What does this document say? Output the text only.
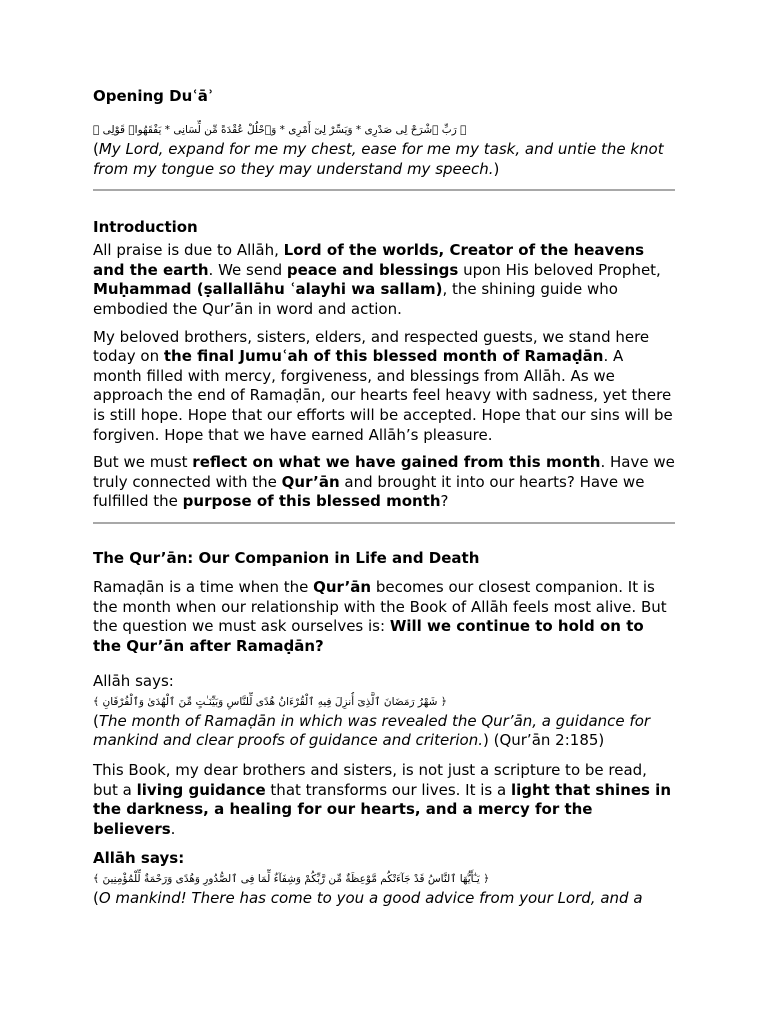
Opening Duʿāʾ
﴿ رَبِّ ٱشْرَحْ لِى صَدْرِى * وَيَسِّرْ لِىٓ أَمْرِى * وَٱحْلُلْ عُقْدَةً مِّن لِّسَانِى * يَفْقَهُوا۟ قَوْلِى ﴾

(My Lord, expand for me my chest, ease for me my task, and untie the knot from my tongue so they may understand my speech.)

Introduction

All praise is due to Allāh, Lord of the worlds, Creator of the heavens and the earth. We send peace and blessings upon His beloved Prophet, Muḥammad (ṣallallāhu ʿalayhi wa sallam), the shining guide who embodied the Qur’ān in word and action.

My beloved brothers, sisters, elders, and respected guests, we stand here today on the final Jumuʿah of this blessed month of Ramaḍān. A month filled with mercy, forgiveness, and blessings from Allāh. As we approach the end of Ramaḍān, our hearts feel heavy with sadness, yet there is still hope. Hope that our efforts will be accepted. Hope that our sins will be forgiven. Hope that we have earned Allāh’s pleasure.

But we must reflect on what we have gained from this month. Have we truly connected with the Qur’ān and brought it into our hearts? Have we fulfilled the purpose of this blessed month?

The Qur’ān: Our Companion in Life and Death

Ramaḍān is a time when the Qur’ān becomes our closest companion. It is the month when our relationship with the Book of Allāh feels most alive. But the question we must ask ourselves is: Will we continue to hold on to the Qur’ān after Ramaḍān?

Allāh says:

﴿ شَهْرُ رَمَضَانَ ٱلَّذِىٓ أُنزِلَ فِيهِ ٱلْقُرْءَانُ هُدًى لِّلنَّاسِ وَبَيِّنَـٰتٍ مِّنَ ٱلْهُدَىٰ وَٱلْفُرْقَانِ ﴾

(The month of Ramaḍān in which was revealed the Qur’ān, a guidance for mankind and clear proofs of guidance and criterion.) (Qur’ān 2:185)

This Book, my dear brothers and sisters, is not just a scripture to be read, but a living guidance that transforms our lives. It is a light that shines in the darkness, a healing for our hearts, and a mercy for the believers.

Allāh says:

﴿ يَـٰٓأَيُّهَا ٱلنَّاسُ قَدْ جَآءَتْكُم مَّوْعِظَةٌ مِّن رَّبِّكُمْ وَشِفَآءٌ لِّمَا فِى ٱلصُّدُورِ وَهُدًى وَرَحْمَةٌ لِّلْمُؤْمِنِينَ ﴾

(O mankind! There has come to you a good advice from your Lord, and a
